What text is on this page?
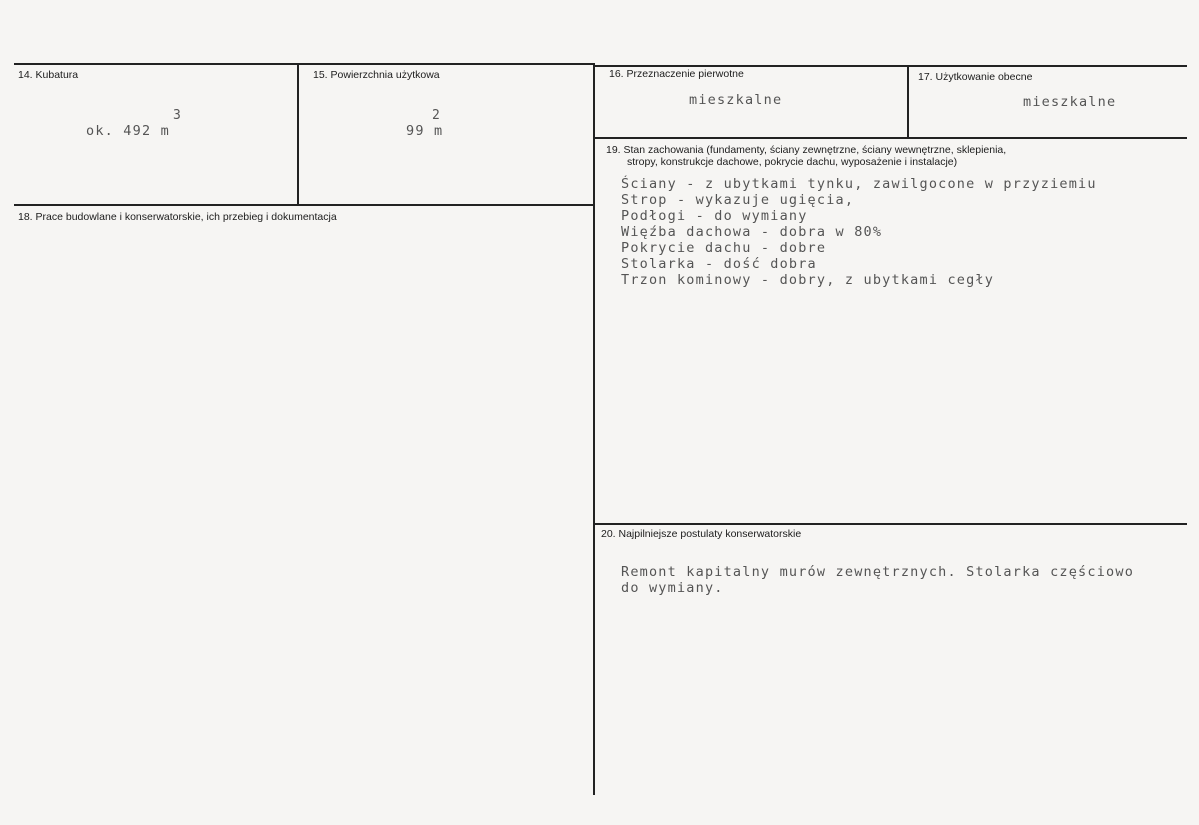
14. Kubatura
3
ok. 492 m
15. Powierzchnia użytkowa
2
99 m
16. Przeznaczenie pierwotne
mieszkalne
17. Użytkowanie obecne
mieszkalne
18. Prace budowlane i konserwatorskie, ich przebieg i dokumentacja
19. Stan zachowania (fundamenty, ściany zewnętrzne, ściany wewnętrzne, sklepienia,
stropy, konstrukcje dachowe, pokrycie dachu, wyposażenie i instalacje)
Ściany - z ubytkami tynku, zawilgocone w przyziemiu
Strop - wykazuje ugięcia,
Podłogi - do wymiany
Więźba dachowa - dobra w 80%
Pokrycie dachu - dobre
Stolarka - dość dobra
Trzon kominowy - dobry, z ubytkami cegły
20. Najpilniejsze postulaty konserwatorskie
Remont kapitalny murów zewnętrznych. Stolarka częściowo
do wymiany.
